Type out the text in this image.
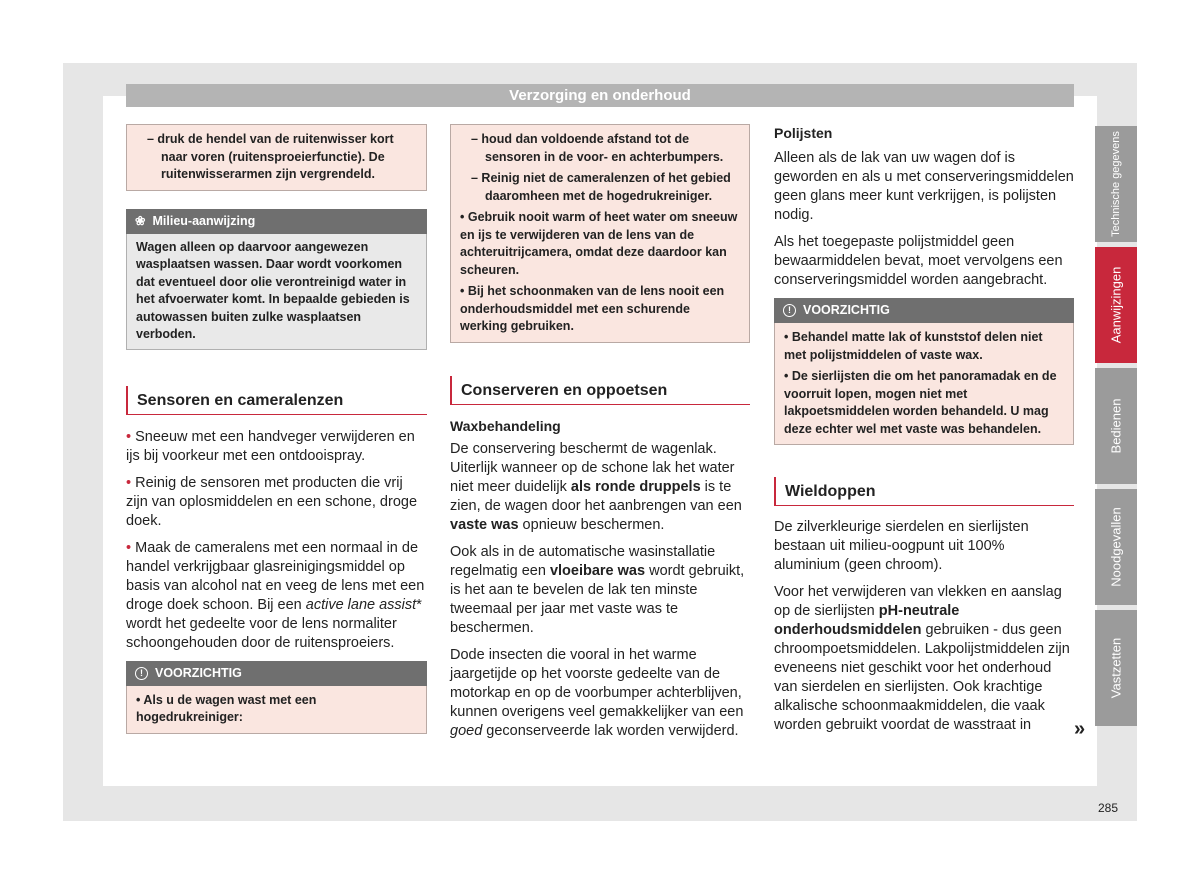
Verzorging en onderhoud

– druk de hendel van de ruitenwisser kort naar voren (ruitensproeierfunctie). De ruitenwisserarmen zijn vergrendeld.

❀ Milieu-aanwijzing
Wagen alleen op daarvoor aangewezen wasplaatsen wassen. Daar wordt voorkomen dat eventueel door olie verontreinigd water in het afvoerwater komt. In bepaalde gebieden is autowassen buiten zulke wasplaatsen verboden.
Sensoren en cameralenzen

• Sneeuw met een handveger verwijderen en ijs bij voorkeur met een ontdooispray.

• Reinig de sensoren met producten die vrij zijn van oplosmiddelen en een schone, droge doek.

• Maak de cameralens met een normaal in de handel verkrijgbaar glasreinigingsmiddel op basis van alcohol nat en veeg de lens met een droge doek schoon. Bij een active lane assist* wordt het gedeelte voor de lens normaliter schoongehouden door de ruitensproeiers.

! VOORZICHTIG
• Als u de wagen wast met een hogedrukreiniger:

– houd dan voldoende afstand tot de sensoren in de voor- en achterbumpers.

– Reinig niet de cameralenzen of het gebied daaromheen met de hogedrukreiniger.

• Gebruik nooit warm of heet water om sneeuw en ijs te verwijderen van de lens van de achteruitrijcamera, omdat deze daardoor kan scheuren.

• Bij het schoonmaken van de lens nooit een onderhoudsmiddel met een schurende werking gebruiken.

Conserveren en oppoetsen

Waxbehandeling

De conservering beschermt de wagenlak. Uiterlijk wanneer op de schone lak het water niet meer duidelijk als ronde druppels is te zien, de wagen door het aanbrengen van een vaste was opnieuw beschermen.

Ook als in de automatische wasinstallatie regelmatig een vloeibare was wordt gebruikt, is het aan te bevelen de lak ten minste tweemaal per jaar met vaste was te beschermen.

Dode insecten die vooral in het warme jaargetijde op het voorste gedeelte van de motorkap en op de voorbumper achterblijven, kunnen overigens veel gemakkelijker van een goed geconserveerde lak worden verwijderd.

Polijsten

Alleen als de lak van uw wagen dof is geworden en als u met conserveringsmiddelen geen glans meer kunt verkrijgen, is polijsten nodig.

Als het toegepaste polijstmiddel geen bewaarmiddelen bevat, moet vervolgens een conserveringsmiddel worden aangebracht.

! VOORZICHTIG

• Behandel matte lak of kunststof delen niet met polijstmiddelen of vaste wax.

• De sierlijsten die om het panoramadak en de voorruit lopen, mogen niet met lakpoetsmiddelen worden behandeld. U mag deze echter wel met vaste was behandelen.

Wieldoppen

De zilverkleurige sierdelen en sierlijsten bestaan uit milieu-oogpunt uit 100% aluminium (geen chroom).

Voor het verwijderen van vlekken en aanslag op de sierlijsten pH-neutrale onderhoudsmiddelen gebruiken - dus geen chroompoetsmiddelen. Lakpolijstmiddelen zijn eveneens niet geschikt voor het onderhoud van sierdelen en sierlijsten. Ook krachtige alkalische schoonmaakmiddelen, die vaak worden gebruikt voordat de wasstraat in	»
Technische gegevens
Aanwijzingen
Bedienen
Noodgevallen
Vastzetten
285
